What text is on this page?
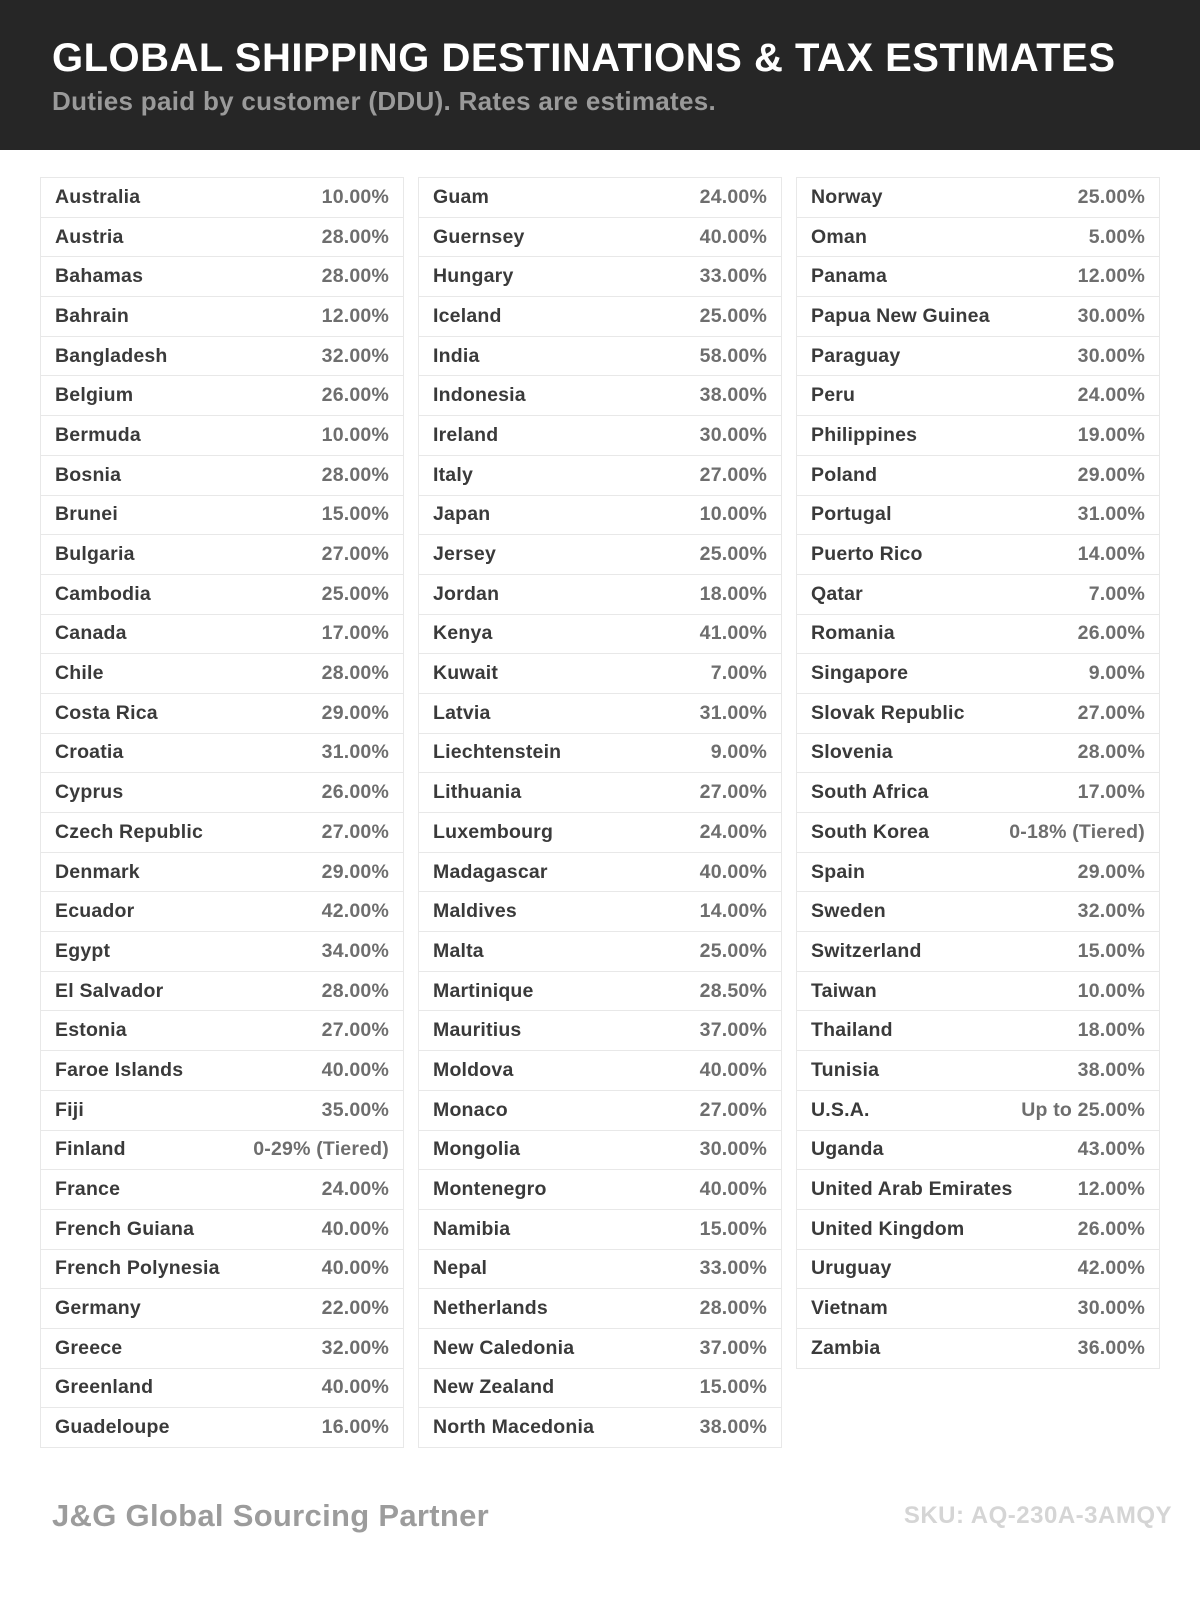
GLOBAL SHIPPING DESTINATIONS & TAX ESTIMATES

Duties paid by customer (DDU). Rates are estimates.

Australia	10.00%
Austria	28.00%
Bahamas	28.00%
Bahrain	12.00%
Bangladesh	32.00%
Belgium	26.00%
Bermuda	10.00%
Bosnia	28.00%
Brunei	15.00%
Bulgaria	27.00%
Cambodia	25.00%
Canada	17.00%
Chile	28.00%
Costa Rica	29.00%
Croatia	31.00%
Cyprus	26.00%
Czech Republic	27.00%
Denmark	29.00%
Ecuador	42.00%
Egypt	34.00%
El Salvador	28.00%
Estonia	27.00%
Faroe Islands	40.00%
Fiji	35.00%
Finland	0-29% (Tiered)
France	24.00%
French Guiana	40.00%
French Polynesia	40.00%
Germany	22.00%
Greece	32.00%
Greenland	40.00%
Guadeloupe	16.00%
Guam	24.00%
Guernsey	40.00%
Hungary	33.00%
Iceland	25.00%
India	58.00%
Indonesia	38.00%
Ireland	30.00%
Italy	27.00%
Japan	10.00%
Jersey	25.00%
Jordan	18.00%
Kenya	41.00%
Kuwait	7.00%
Latvia	31.00%
Liechtenstein	9.00%
Lithuania	27.00%
Luxembourg	24.00%
Madagascar	40.00%
Maldives	14.00%
Malta	25.00%
Martinique	28.50%
Mauritius	37.00%
Moldova	40.00%
Monaco	27.00%
Mongolia	30.00%
Montenegro	40.00%
Namibia	15.00%
Nepal	33.00%
Netherlands	28.00%
New Caledonia	37.00%
New Zealand	15.00%
North Macedonia	38.00%
Norway	25.00%
Oman	5.00%
Panama	12.00%
Papua New Guinea	30.00%
Paraguay	30.00%
Peru	24.00%
Philippines	19.00%
Poland	29.00%
Portugal	31.00%
Puerto Rico	14.00%
Qatar	7.00%
Romania	26.00%
Singapore	9.00%
Slovak Republic	27.00%
Slovenia	28.00%
South Africa	17.00%
South Korea	0-18% (Tiered)
Spain	29.00%
Sweden	32.00%
Switzerland	15.00%
Taiwan	10.00%
Thailand	18.00%
Tunisia	38.00%
U.S.A.	Up to 25.00%
Uganda	43.00%
United Arab Emirates	12.00%
United Kingdom	26.00%
Uruguay	42.00%
Vietnam	30.00%
Zambia	36.00%
J&G Global Sourcing Partner	SKU: AQ-230A-3AMQY
